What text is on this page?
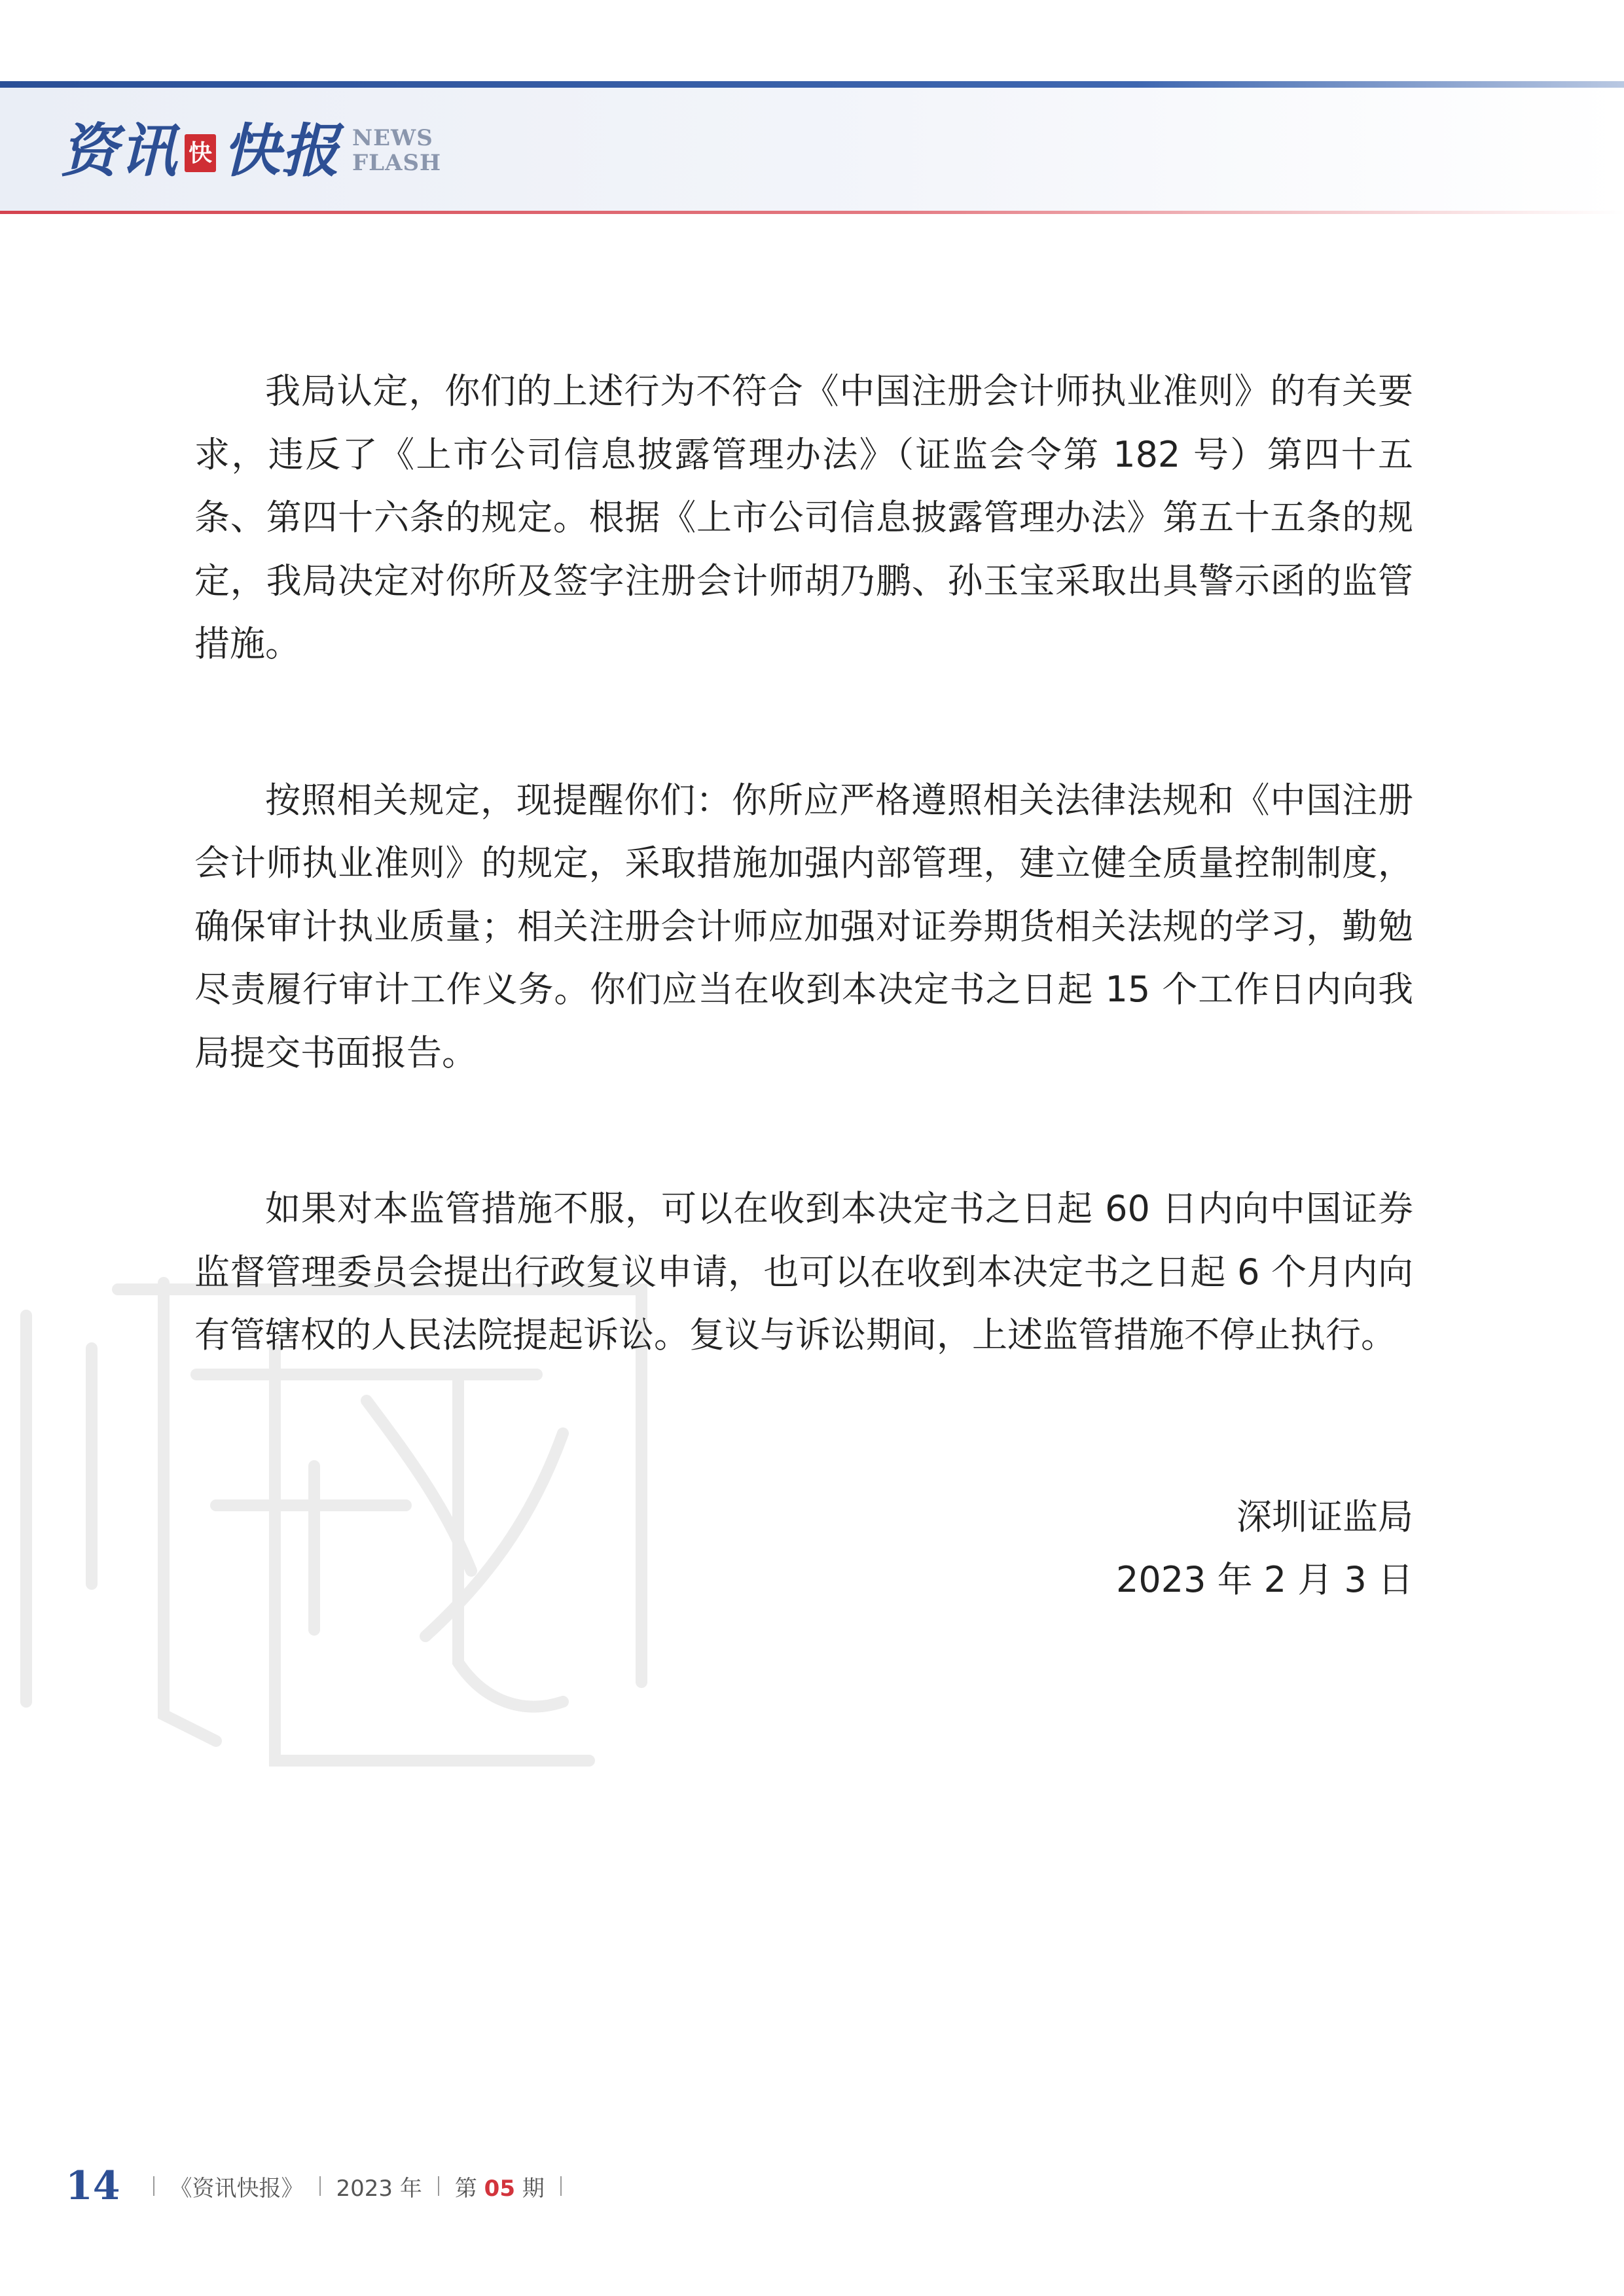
资讯 快 快报 NEWS
FLASH

我局认定，你们的上述行为不符合《中国注册会计师执业准则》的有关要求，违反了《上市公司信息披露管理办法》（证监会令第 182 号）第四十五条、第四十六条的规定。根据《上市公司信息披露管理办法》第五十五条的规定，我局决定对你所及签字注册会计师胡乃鹏、孙玉宝采取出具警示函的监管措施。

按照相关规定，现提醒你们：你所应严格遵照相关法律法规和《中国注册会计师执业准则》的规定，采取措施加强内部管理，建立健全质量控制制度，确保审计执业质量；相关注册会计师应加强对证券期货相关法规的学习，勤勉尽责履行审计工作义务。你们应当在收到本决定书之日起 15 个工作日内向我局提交书面报告。

如果对本监管措施不服，可以在收到本决定书之日起 60 日内向中国证券监督管理委员会提出行政复议申请，也可以在收到本决定书之日起 6 个月内向有管辖权的人民法院提起诉讼。复议与诉讼期间，上述监管措施不停止执行。

深圳证监局
2023 年 2 月 3 日
14 《资讯快报》 2023 年 第 05 期
